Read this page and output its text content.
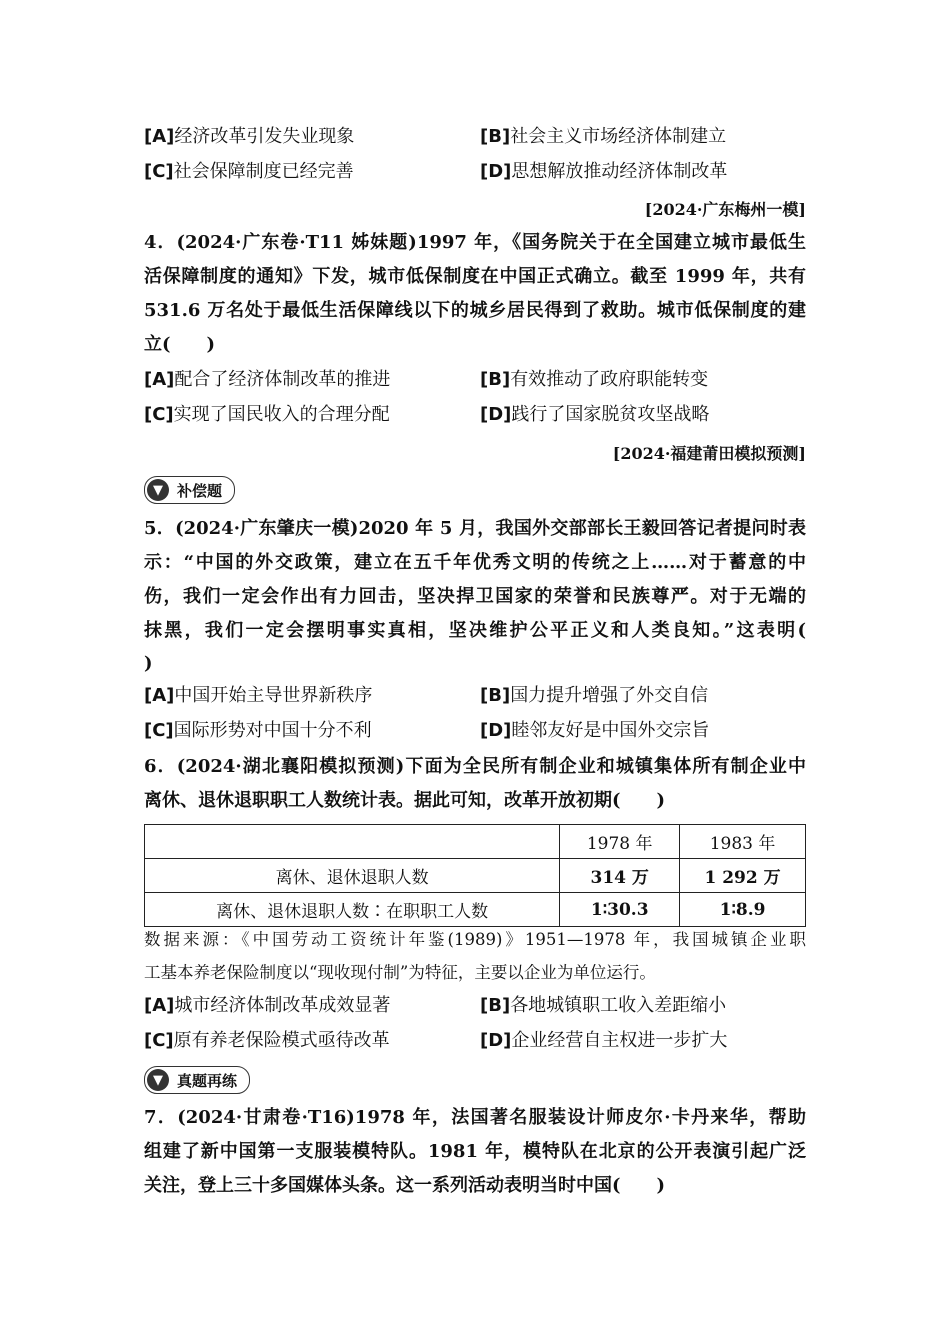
[A]经济改革引发失业现象	[B]社会主义市场经济体制建立
[C]社会保障制度已经完善	[D]思想解放推动经济体制改革
[2024·广东梅州一模]
4．(2024·广东卷·T11 姊妹题)1997 年，《国务院关于在全国建立城市最低生
活保障制度的通知》下发，城市低保制度在中国正式确立。截至 1999 年，共有
531.6 万名处于最低生活保障线以下的城乡居民得到了救助。城市低保制度的建
立(　　)
[A]配合了经济体制改革的推进	[B]有效推动了政府职能转变
[C]实现了国民收入的合理分配	[D]践行了国家脱贫攻坚战略
[2024·福建莆田模拟预测]
▼ 补偿题
5．(2024·广东肇庆一模)2020 年 5 月，我国外交部部长王毅回答记者提问时表
示：“中国的外交政策，建立在五千年优秀文明的传统之上……对于蓄意的中
伤，我们一定会作出有力回击，坚决捍卫国家的荣誉和民族尊严。对于无端的
抹黑，我们一定会摆明事实真相，坚决维护公平正义和人类良知。”这表明(
)
[A]中国开始主导世界新秩序	[B]国力提升增强了外交自信
[C]国际形势对中国十分不利	[D]睦邻友好是中国外交宗旨
6．(2024·湖北襄阳模拟预测)下面为全民所有制企业和城镇集体所有制企业中
离休、退休退职职工人数统计表。据此可知，改革开放初期(　　)
	1978 年	1983 年
离休、退休退职人数	314 万	1 292 万
离休、退休退职人数∶在职职工人数	1∶30.3	1∶8.9
数据来源：《中国劳动工资统计年鉴(1989)》1951—1978 年，我国城镇企业职
工基本养老保险制度以“现收现付制”为特征，主要以企业为单位运行。
[A]城市经济体制改革成效显著	[B]各地城镇职工收入差距缩小
[C]原有养老保险模式亟待改革	[D]企业经营自主权进一步扩大
▼ 真题再练
7．(2024·甘肃卷·T16)1978 年，法国著名服装设计师皮尔·卡丹来华，帮助
组建了新中国第一支服装模特队。1981 年，模特队在北京的公开表演引起广泛
关注，登上三十多国媒体头条。这一系列活动表明当时中国(　　)
